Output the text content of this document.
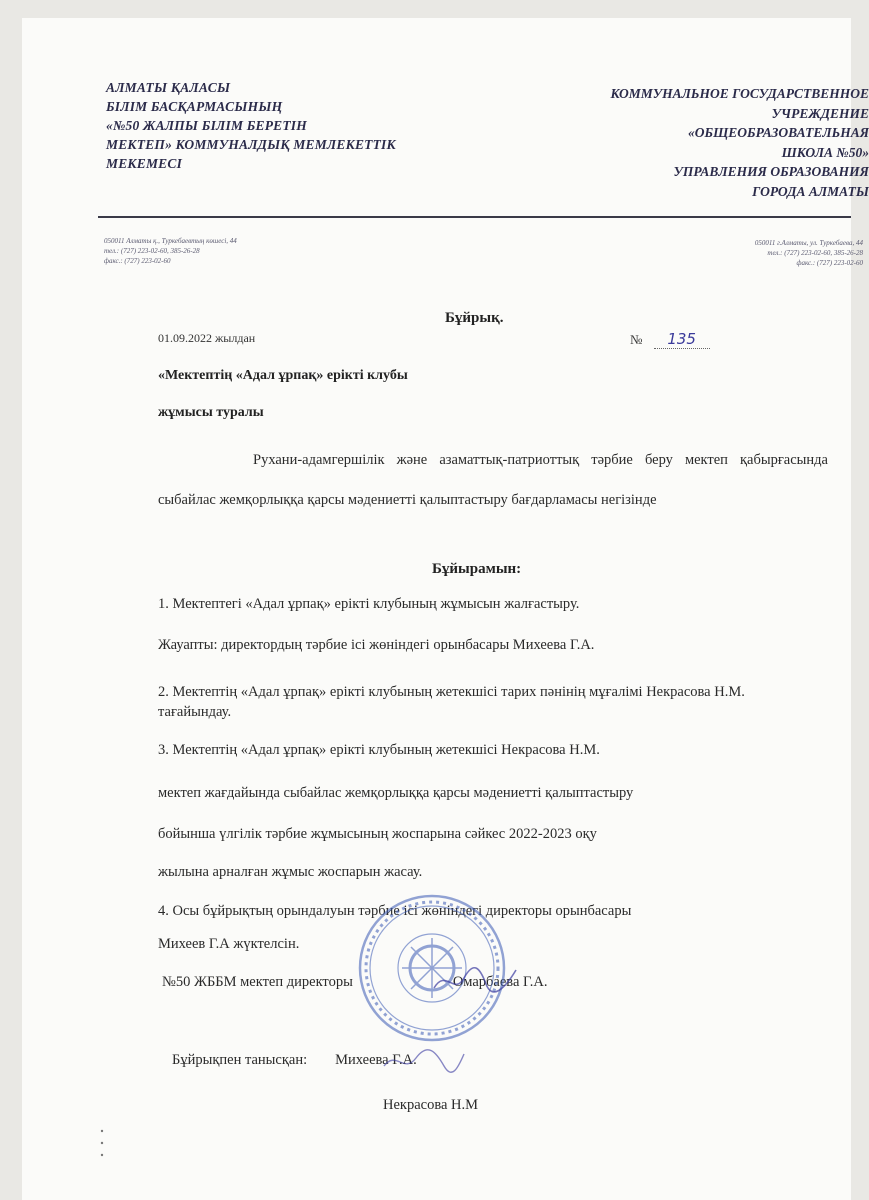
АЛМАТЫ ҚАЛАСЫ
БІЛІМ БАСҚАРМАСЫНЫҢ
«№50 ЖАЛПЫ БІЛІМ БЕРЕТІН
МЕКТЕП» КОММУНАЛДЫҚ МЕМЛЕКЕТТІК
МЕКЕМЕСІ
КОММУНАЛЬНОЕ ГОСУДАРСТВЕННОЕ
УЧРЕЖДЕНИЕ
«ОБЩЕОБРАЗОВАТЕЛЬНАЯ
ШКОЛА №50»
УПРАВЛЕНИЯ ОБРАЗОВАНИЯ
ГОРОДА АЛМАТЫ
050011 Алматы қ., Туркебаевтың көшесі, 44
тел.: (727) 223-02-60, 385-26-28
факс.: (727) 223-02-60
050011 г.Алматы, ул. Туркебаева, 44
тел.: (727) 223-02-60, 385-26-28
факс.: (727) 223-02-60
Бұйрық.
01.09.2022 жылдан	№ 135
«Мектептің «Адал ұрпақ» ерікті клубы
жұмысы туралы
Рухани-адамгершілік және азаматтық-патриоттық тәрбие беру мектеп қабырғасында сыбайлас жемқорлыққа қарсы мәдениетті қалыптастыру бағдарламасы негізінде
Бұйырамын:
1. Мектептегі «Адал ұрпақ» ерікті клубының жұмысын жалғастыру.
Жауапты: директордың тәрбие ісі жөніндегі орынбасары Михеева Г.А.
2. Мектептің «Адал ұрпақ» ерікті клубының жетекшісі тарих пәнінің мұғалімі Некрасова Н.М. тағайындау.
3. Мектептің «Адал ұрпақ» ерікті клубының жетекшісі Некрасова Н.М.
мектеп жағдайында сыбайлас жемқорлыққа қарсы мәдениетті қалыптастыру
бойынша үлгілік тәрбие жұмысының жоспарына сәйкес 2022-2023 оқу
жылына арналған жұмыс жоспарын жасау.
4. Осы бұйрықтың орындалуын тәрбие ісі жөніндегі директоры орынбасары
Михеев Г.А жүктелсін.
№50 ЖББМ мектеп директоры	Омарбаева Г.А.
Бұйрықпен танысқан: Михеева Г.А.
Некрасова Н.М
